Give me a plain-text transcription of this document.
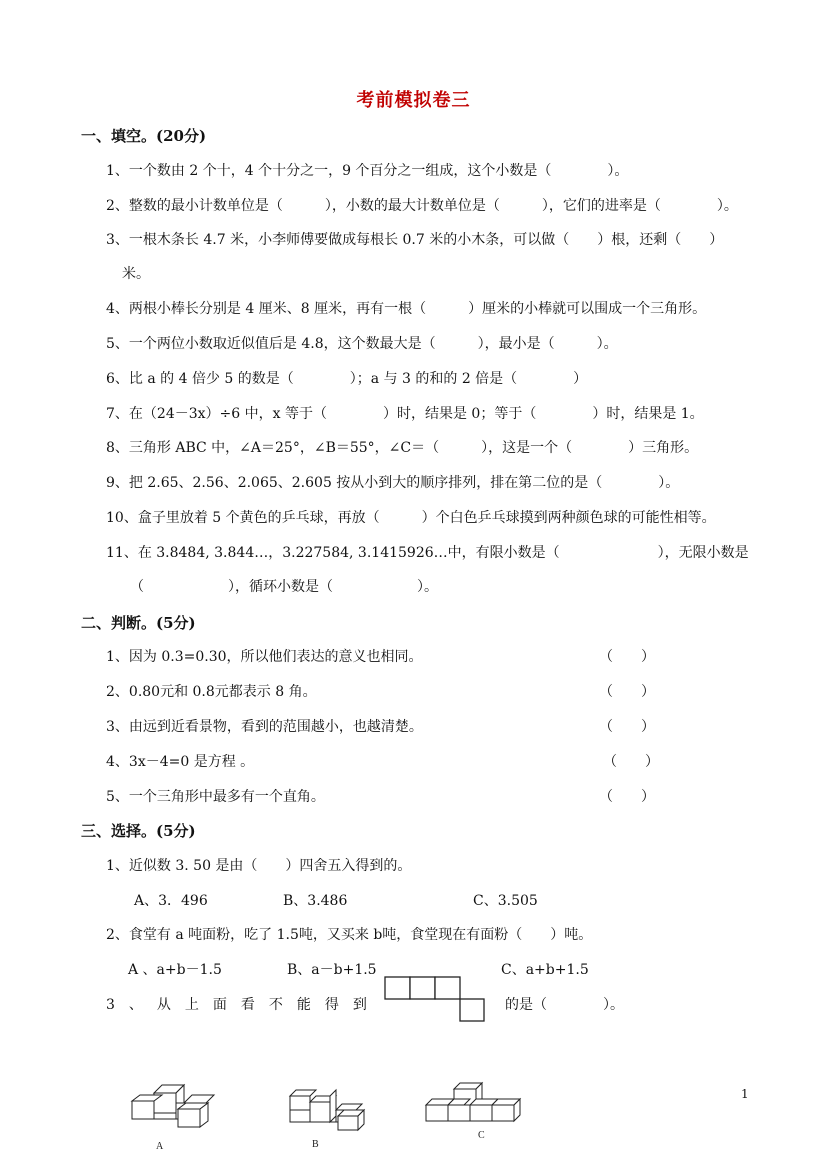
考前模拟卷三
一、填空。(20分)
1、一个数由 2 个十，4 个十分之一，9 个百分之一组成，这个小数是（　　　　）。
2、整数的最小计数单位是（　　　），小数的最大计数单位是（　　　），它们的进率是（　　　　）。
3、一根木条长 4.7 米，小李师傅要做成每根长 0.7 米的小木条，可以做（　　）根，还剩（　　）
米。
4、两根小棒长分别是 4 厘米、8 厘米，再有一根（　　　）厘米的小棒就可以围成一个三角形。
5、一个两位小数取近似值后是 4.8，这个数最大是（　　　），最小是（　　　）。
6、比 a 的 4 倍少 5 的数是（　　　　）；a 与 3 的和的 2 倍是（　　　　）
7、在（24－3x）÷6 中，x 等于（　　　　）时，结果是 0；等于（　　　　）时，结果是 1。
8、三角形 ABC 中，∠A＝25°，∠B＝55°，∠C＝（　　　），这是一个（　　　　）三角形。
9、把 2.65、2.56、2.065、2.605 按从小到大的顺序排列，排在第二位的是（　　　　）。
10、盒子里放着 5 个黄色的乒乓球，再放（　　　）个白色乒乓球摸到两种颜色球的可能性相等。
11、在 3.8484, 3.844…，3.227584, 3.1415926…中，有限小数是（　　　　　　　），无限小数是
（　　　　　　），循环小数是（　　　　　　）。
二、判断。(5分)
1、因为 0.3=0.30，所以他们表达的意义也相同。	（　　）
2、0.80元和 0.8元都表示 8 角。	（　　）
3、由远到近看景物，看到的范围越小，也越清楚。	（　　）
4、3x－4=0 是方程 。	（　　）
5、一个三角形中最多有一个直角。	（　　）
三、选择。(5分)
1、近似数 3. 50 是由（　　）四舍五入得到的。
A、3．496	B、3.486	C、3.505
2、食堂有 a 吨面粉，吃了 1.5吨，又买来 b吨，食堂现在有面粉（　　）吨。
A 、a+b－1.5	B、a－b+1.5	C、a+b+1.5
3、从上面看不能得到	的是（　　　　）。
A	B
C
1
